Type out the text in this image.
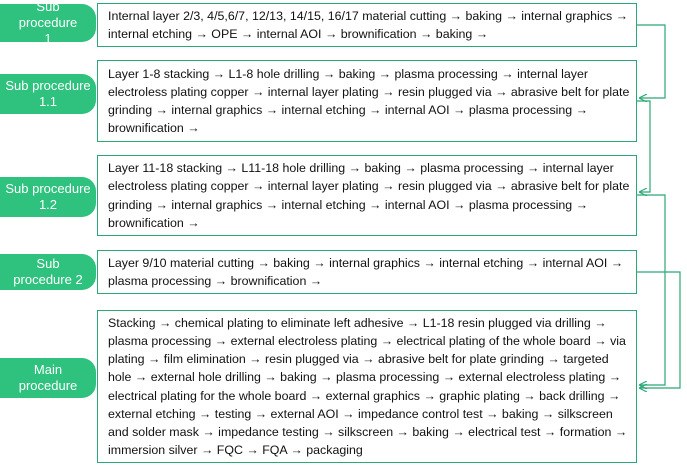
Sub procedure 1
Sub procedure 1.1
Sub procedure 1.2
Sub procedure 2
Main procedure
Internal layer 2/3, 4/5,6/7, 12/13, 14/15, 16/17 material cutting → baking → internal graphics → internal etching → OPE → internal AOI → brownification → baking →
Layer 1-8 stacking → L1-8 hole drilling → baking → plasma processing → internal layer electroless plating copper → internal layer plating → resin plugged via → abrasive belt for plate grinding → internal graphics → internal etching → internal AOI → plasma processing → brownification →
Layer 11-18 stacking → L11-18 hole drilling → baking → plasma processing → internal layer electroless plating copper → internal layer plating → resin plugged via → abrasive belt for plate grinding → internal graphics → internal etching → internal AOI → plasma processing → brownification →
Layer 9/10 material cutting → baking → internal graphics → internal etching → internal AOI → plasma processing → brownification →
Stacking → chemical plating to eliminate left adhesive → L1-18 resin plugged via drilling → plasma processing → external electroless plating → electrical plating of the whole board → via plating → film elimination → resin plugged via → abrasive belt for plate grinding → targeted hole → external hole drilling → baking → plasma processing → external electroless plating → electrical plating for the whole board → external graphics → graphic plating → back drilling → external etching → testing → external AOI → impedance control test → baking → silkscreen and solder mask → impedance testing → silkscreen → baking → electrical test → formation → immersion silver → FQC → FQA → packaging
